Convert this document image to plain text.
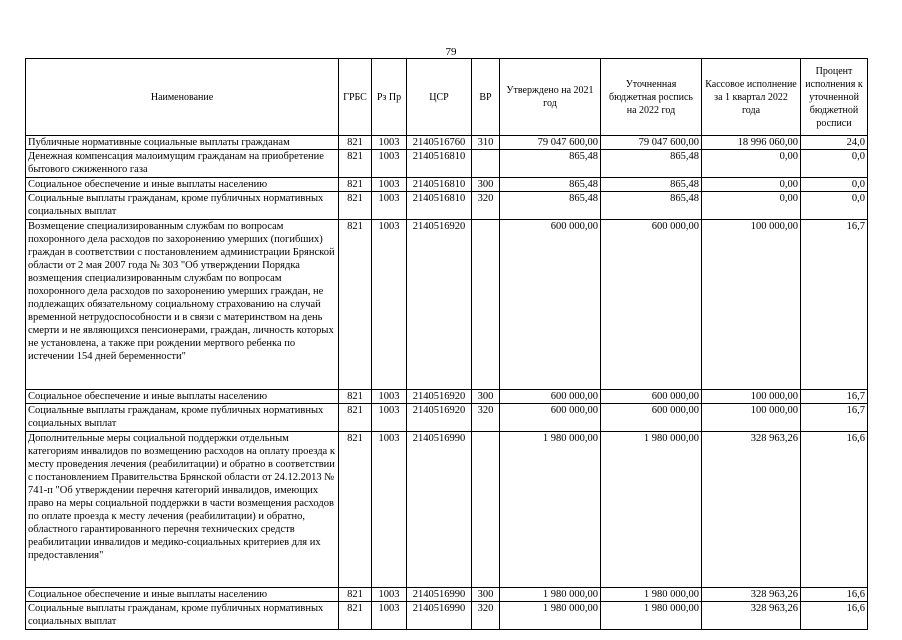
79
Наименование	ГРБС	Рз Пр	ЦСР	ВР	Утверждено на 2021 год	Уточненная бюджетная роспись на 2022 год	Кассовое исполнение за 1 квартал 2022 года	Процент исполнения к уточненной бюджетной росписи
Публичные нормативные социальные выплаты гражданам	821	1003	2140516760	310	79 047 600,00	79 047 600,00	18 996 060,00	24,0
Денежная компенсация малоимущим гражданам на приобретение бытового сжиженного газа	821	1003	2140516810		865,48	865,48	0,00	0,0
Социальное обеспечение и иные выплаты населению	821	1003	2140516810	300	865,48	865,48	0,00	0,0
Социальные выплаты гражданам, кроме публичных нормативных социальных выплат	821	1003	2140516810	320	865,48	865,48	0,00	0,0
Возмещение специализированным службам по вопросам похоронного дела расходов по захоронению умерших (погибших) граждан в соответствии с постановлением администрации Брянской области от 2 мая 2007 года № 303 "Об утверждении Порядка возмещения специализированным службам по вопросам похоронного дела расходов по захоронению умерших граждан, не подлежащих обязательному социальному страхованию на случай временной нетрудоспособности и в связи с материнством на день смерти и не являющихся пенсионерами, граждан, личность которых не установлена, а также при рождении мертвого ребенка по истечении 154 дней беременности"	821	1003	2140516920		600 000,00	600 000,00	100 000,00	16,7
Социальное обеспечение и иные выплаты населению	821	1003	2140516920	300	600 000,00	600 000,00	100 000,00	16,7
Социальные выплаты гражданам, кроме публичных нормативных социальных выплат	821	1003	2140516920	320	600 000,00	600 000,00	100 000,00	16,7
Дополнительные меры социальной поддержки отдельным категориям инвалидов по возмещению расходов на оплату проезда к месту проведения лечения (реабилитации) и обратно в соответствии с постановлением Правительства Брянской области от 24.12.2013 № 741-п "Об утверждении перечня категорий инвалидов, имеющих право на меры социальной поддержки в части возмещения расходов по оплате проезда к месту лечения (реабилитации) и обратно, областного гарантированного перечня технических средств реабилитации инвалидов и медико-социальных критериев для их предоставления"	821	1003	2140516990		1 980 000,00	1 980 000,00	328 963,26	16,6
Социальное обеспечение и иные выплаты населению	821	1003	2140516990	300	1 980 000,00	1 980 000,00	328 963,26	16,6
Социальные выплаты гражданам, кроме публичных нормативных социальных выплат	821	1003	2140516990	320	1 980 000,00	1 980 000,00	328 963,26	16,6
